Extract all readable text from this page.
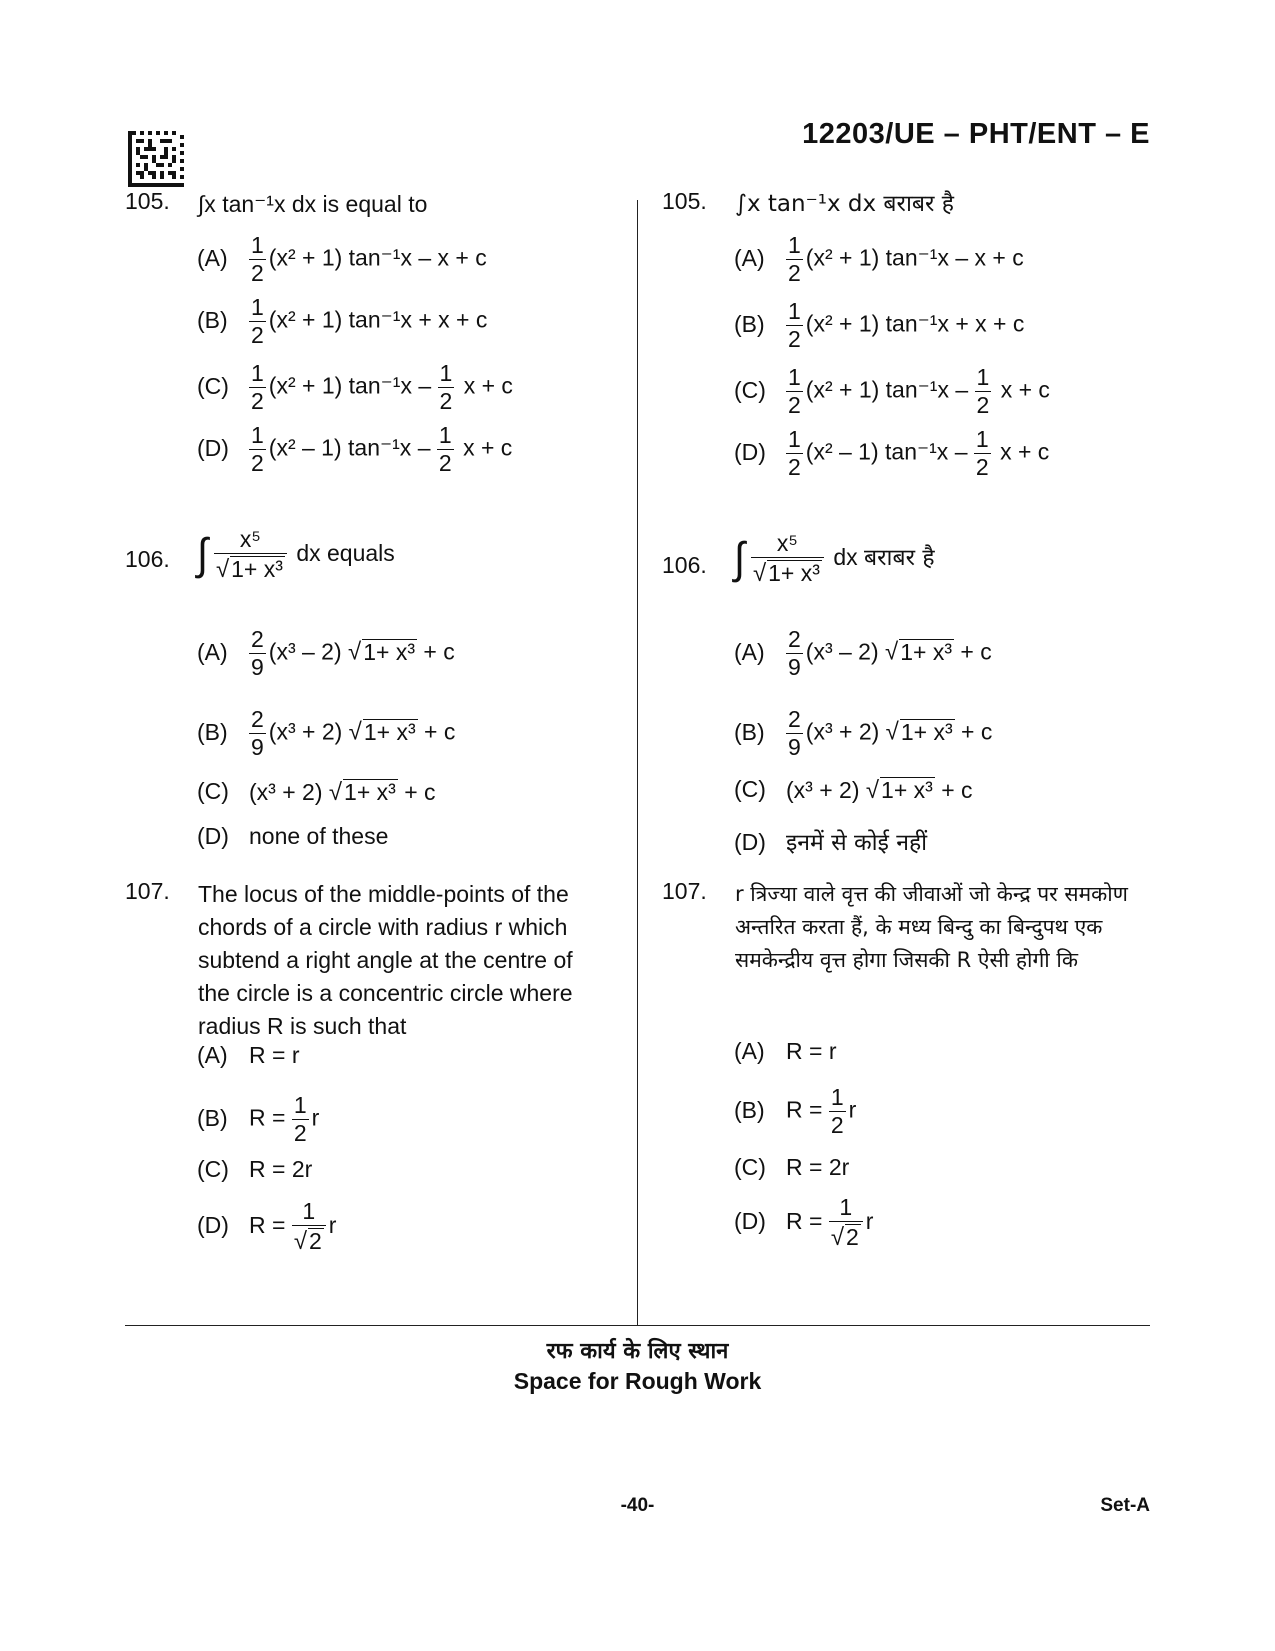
12203/UE – PHT/ENT – E
105. ∫x tan⁻¹x dx is equal to
$(A) \frac{1}{2} (x^2 + 1)$ tan⁻¹x – x + c
$(B) \frac{1}{2} (x^2 + 1) \tan^{-1}x + x + c$
$(C) \frac{1}{2} (x^2 + 1)$ $\tan^{-1}x - \frac{1}{2}$ x + c
$(D) \frac{1}{2} (x^2 - 1)$ $\tan^{-1}x - \frac{1}{2}$ x + c
106. ∫ $\frac{\text{x⁵}}{\text{√1+ x³}}$ dx equals
$(A) \frac{2}{9} (x^3 - 2)$ √1+ x³ + c
$(B) \frac{2}{9} (x^3 + 2)$ √1+ x³ + c
(C) (x³ + 2) √1+ x³ + c
(D) none of these
107. The locus of the middle-points of the
chords of a circle with radius r which
subtend a right angle at the centre of
the circle is a concentric circle where
radius R is such that
(A) R = r
(B) $R = \frac{1}{2}$ r
(C) R = 2r
(D) $R = \frac{1}{√2}$ r
105. ∫x tan⁻¹x dx बराबर है
$(A) \frac{1}{2} (x^2 + 1)$ tan⁻¹x – x + c
$(B) \frac{1}{2} (x^2 + 1) \tan^{-1}x + x + c$
$(C) \frac{1}{2} (x^2 + 1)$ $\tan^{-1}x - \frac{1}{2}$ x + c
$(D) \frac{1}{2} (x^2 - 1)$ $\tan^{-1}x - \frac{1}{2}$ x + c
106. ∫ $\frac{\text{x⁵}}{\text{√1+ x³}}$ dx बराबर है
$(A) \frac{2}{9} (x^3 - 2)$ √1+ x³ + c
$(B) \frac{2}{9} (x^3 + 2)$ √1+ x³ + c
(C) (x³ + 2) √1+ x³ + c
(D) इनमें से कोई नहीं
107. r त्रिज्या वाले वृत्त की जीवाओं जो केन्द्र पर समकोण
अन्तरित करता हैं, के मध्य बिन्दु का बिन्दुपथ एक
समकेन्द्रीय वृत्त होगा जिसकी R ऐसी होगी कि
(A) R = r
(B) $R = \frac{1}{2}$ r
(C) R = 2r
(D) $R = \frac{1}{√2}$ r
रफ कार्य के लिए स्थान
Space for Rough Work
-40-	Set-A
